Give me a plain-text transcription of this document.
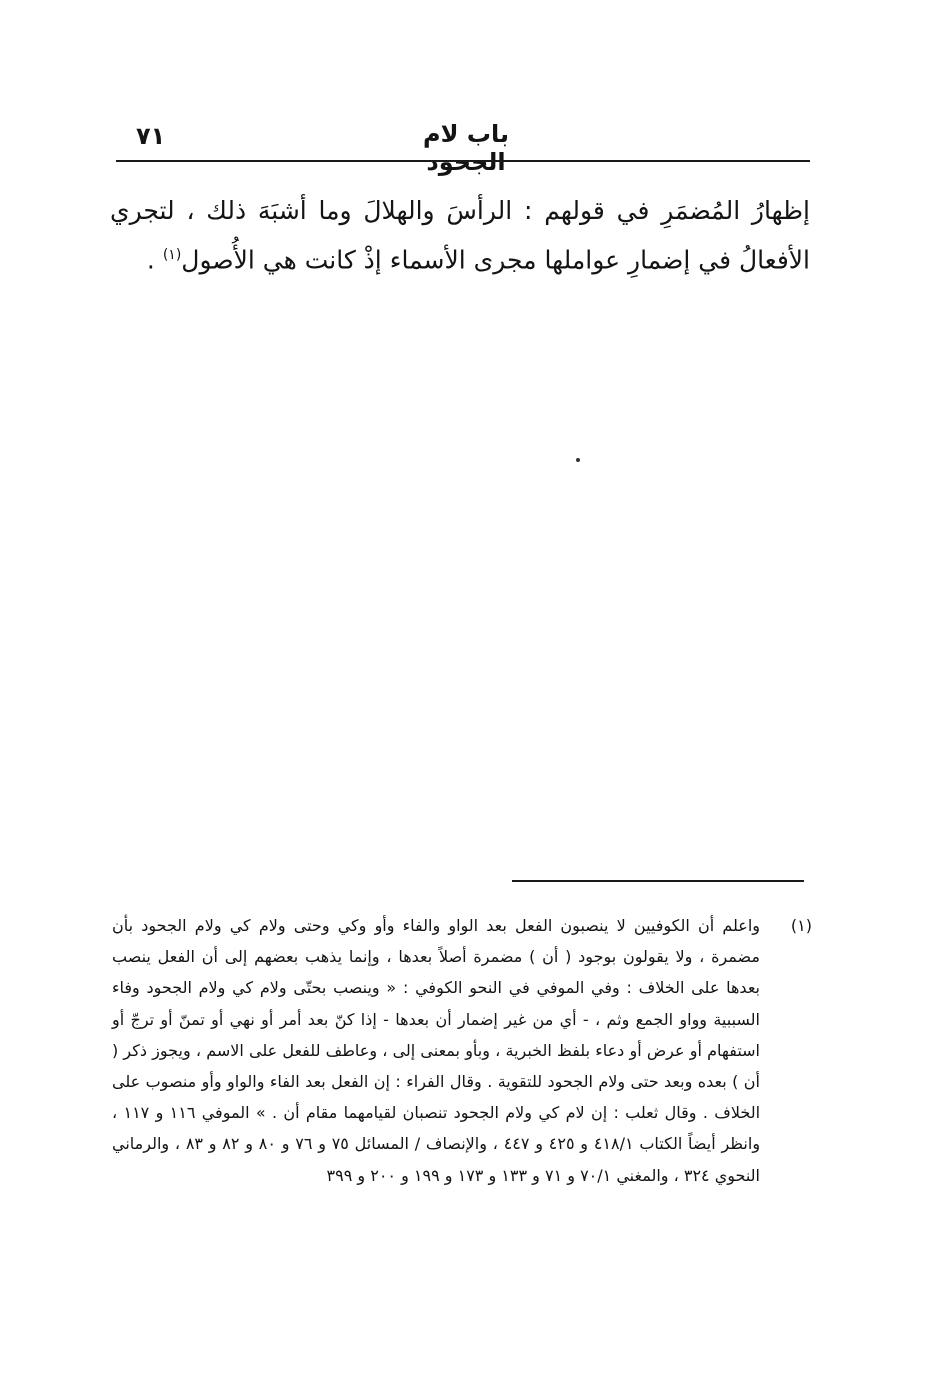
٧١	باب لام الجحود

إظهارُ المُضمَرِ في قولهم : الرأسَ والهلالَ وما أشبَهَ ذلك ، لتجري الأفعالُ في إضمارِ عواملها مجرى الأسماء إذْ كانت هي الأُصول$^{(١)}$ .

(١)

واعلم أن الكوفيين لا ينصبون الفعل بعد الواو والفاء وأو وكي وحتى ولام كي ولام الجحود بأن مضمرة ، ولا يقولون بوجود ( أن ) مضمرة أصلاً بعدها ، وإنما يذهب بعضهم إلى أن الفعل ينصب بعدها على الخلاف : وفي الموفي في النحو الكوفي : « وينصب بحتّى ولام كي ولام الجحود وفاء السببية وواو الجمع وثم ، - أي من غير إضمار أن بعدها - إذا كنّ بعد أمر أو نهي أو تمنّ أو ترجّ أو استفهام أو عرض أو دعاء بلفظ الخبرية ، وبأو بمعنى إلى ، وعاطف للفعل على الاسم ، ويجوز ذكر ( أن ) بعده وبعد حتى ولام الجحود للتقوية . وقال الفراء : إن الفعل بعد الفاء والواو وأو منصوب على الخلاف . وقال ثعلب : إن لام كي ولام الجحود تنصبان لقيامهما مقام أن . » الموفي ١١٦ و ١١٧ ، وانظر أيضاً الكتاب ٤١٨/١ و ٤٢٥ و ٤٤٧ ، والإنصاف / المسائل ٧٥ و ٧٦ و ٨٠ و ٨٢ و ٨٣ ، والرماني النحوي ٣٢٤ ، والمغني ٧٠/١ و ٧١ و ١٣٣ و ١٧٣ و ١٩٩ و ٢٠٠ و ٣٩٩
